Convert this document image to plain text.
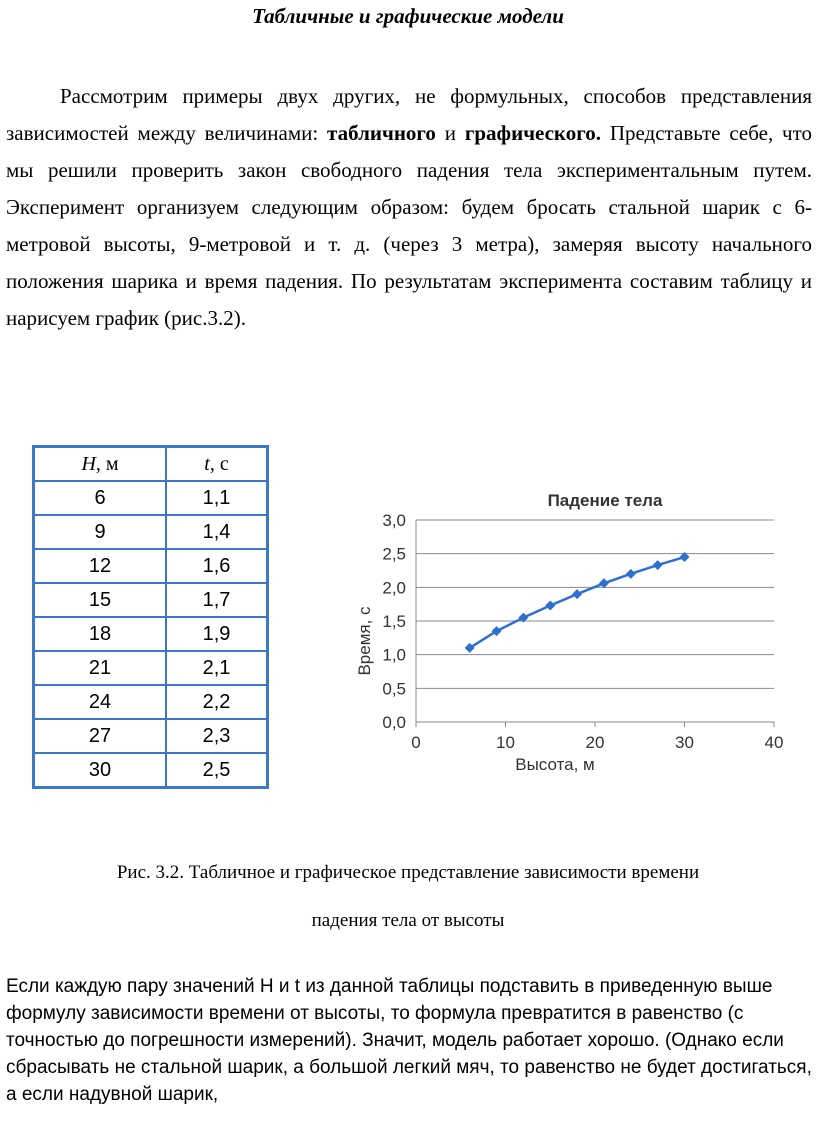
Табличные и графические модели

Рассмотрим примеры двух других, не формульных, способов представления зависимостей между величинами: табличного и графического. Представьте себе, что мы решили проверить закон свободного падения тела экспериментальным путем. Эксперимент организуем следующим образом: будем бросать стальной шарик с 6-метровой высоты, 9-метровой и т. д. (через 3 метра), замеряя высоту начального положения шарика и время падения. По результатам эксперимента составим таблицу и нарисуем график (рис.3.2).

H, м	t, с
6	1,1
9	1,4
12	1,6
15	1,7
18	1,9
21	2,1
24	2,2
27	2,3
30	2,5
Падение тела
0,0
0,5
1,0
1,5
2,0
2,5
3,0
0	10	20	30	40
Высота, м
Время, с

Рис. 3.2. Табличное и графическое представление зависимости времени
падения тела от высоты

Если каждую пару значений H и t из данной таблицы подставить в приведенную выше формулу зависимости времени от высоты, то формула превратится в равенство (с точностью до погрешности измерений). Значит, модель работает хорошо. (Однако если сбрасывать не стальной шарик, а большой легкий мяч, то равенство не будет достигаться, а если надувной шарик,
